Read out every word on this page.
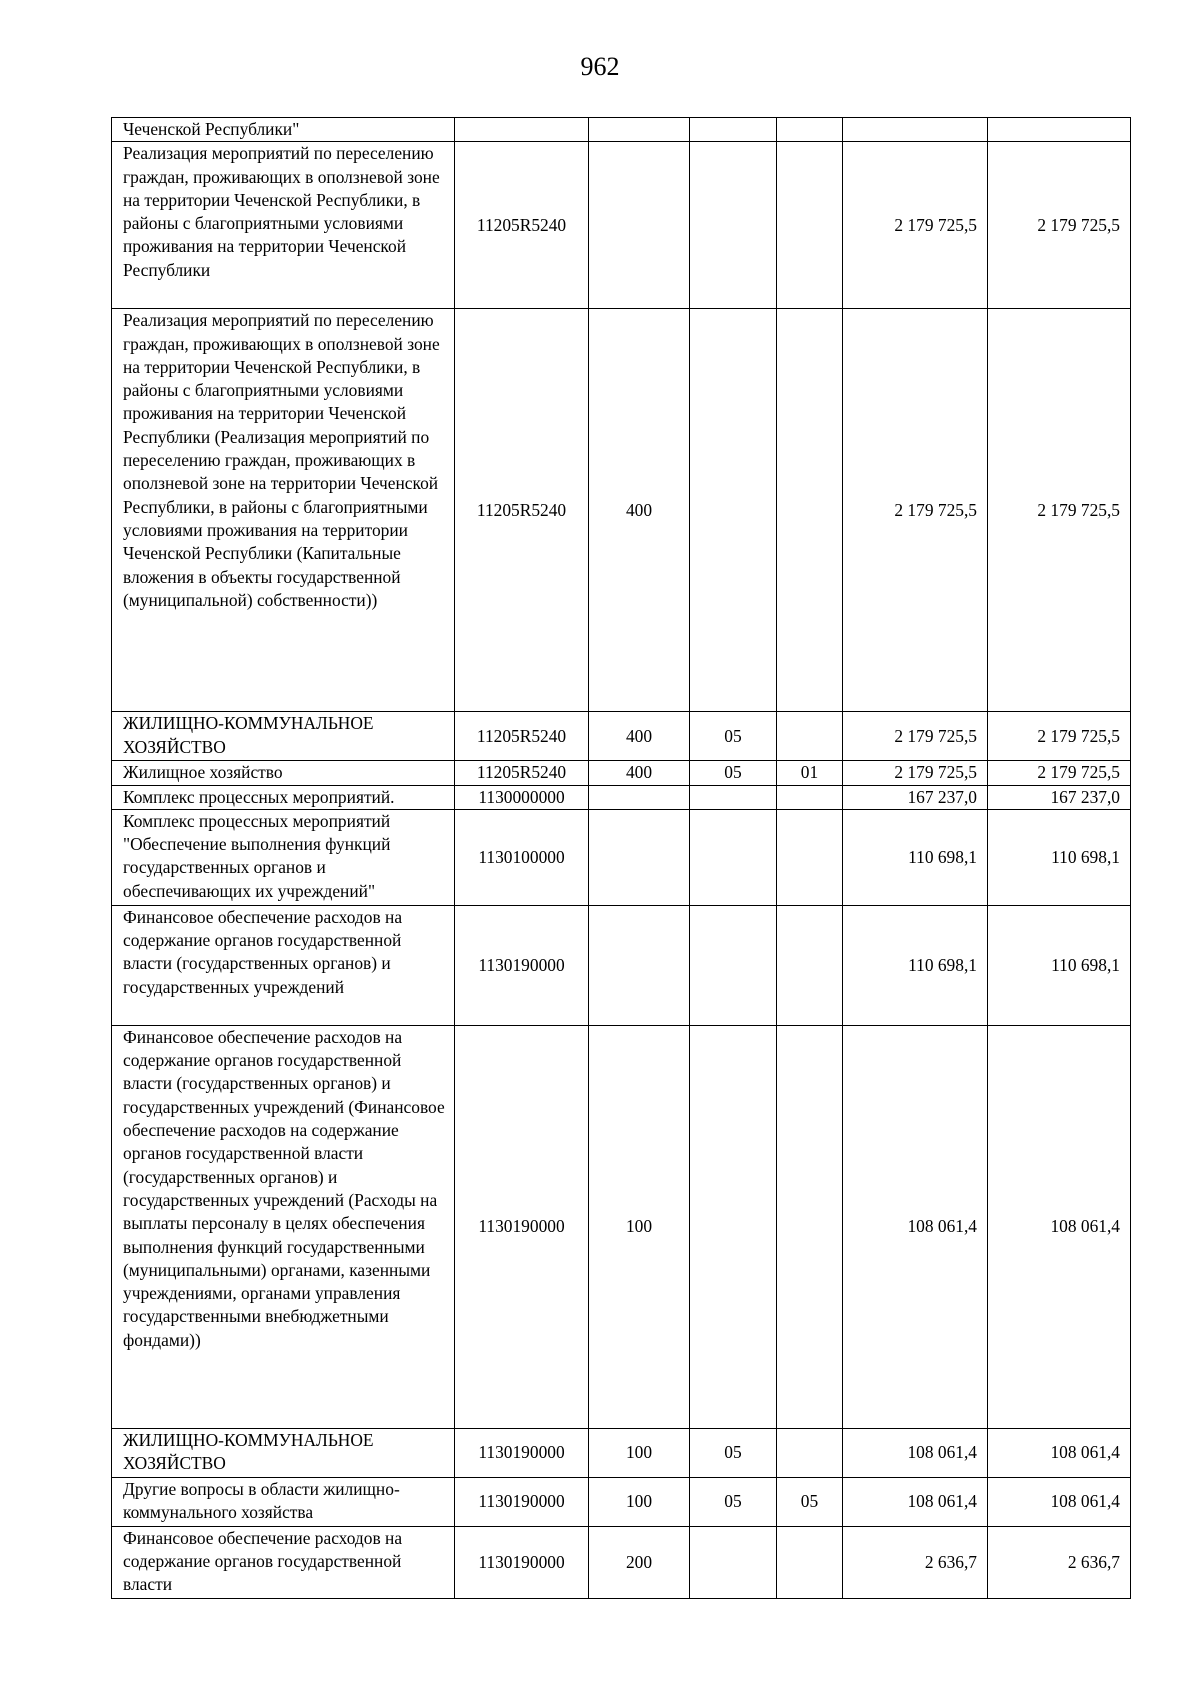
962
Чеченской Республики"						
Реализация мероприятий по переселению граждан, проживающих в оползневой зоне на территории Чеченской Республики, в районы с благоприятными условиями проживания на территории Чеченской Республики	11205R5240				2 179 725,5	2 179 725,5
Реализация мероприятий по переселению граждан, проживающих в оползневой зоне на территории Чеченской Республики, в районы с благоприятными условиями проживания на территории Чеченской Республики (Реализация мероприятий по переселению граждан, проживающих в оползневой зоне на территории Чеченской Республики, в районы с благоприятными условиями проживания на территории Чеченской Республики (Капитальные вложения в объекты государственной (муниципальной) собственности))	11205R5240	400			2 179 725,5	2 179 725,5
ЖИЛИЩНО-КОММУНАЛЬНОЕ ХОЗЯЙСТВО	11205R5240	400	05		2 179 725,5	2 179 725,5
Жилищное хозяйство	11205R5240	400	05	01	2 179 725,5	2 179 725,5
Комплекс процессных мероприятий.	1130000000				167 237,0	167 237,0
Комплекс процессных мероприятий "Обеспечение выполнения функций государственных органов и обеспечивающих их учреждений"	1130100000				110 698,1	110 698,1
Финансовое обеспечение расходов на содержание органов государственной власти (государственных органов) и государственных учреждений	1130190000				110 698,1	110 698,1
Финансовое обеспечение расходов на содержание органов государственной власти (государственных органов) и государственных учреждений (Финансовое обеспечение расходов на содержание органов государственной власти (государственных органов) и государственных учреждений (Расходы на выплаты персоналу в целях обеспечения выполнения функций государственными (муниципальными) органами, казенными учреждениями, органами управления государственными внебюджетными фондами))	1130190000	100			108 061,4	108 061,4
ЖИЛИЩНО-КОММУНАЛЬНОЕ ХОЗЯЙСТВО	1130190000	100	05		108 061,4	108 061,4
Другие вопросы в области жилищно-коммунального хозяйства	1130190000	100	05	05	108 061,4	108 061,4
Финансовое обеспечение расходов на содержание органов государственной власти	1130190000	200			2 636,7	2 636,7
